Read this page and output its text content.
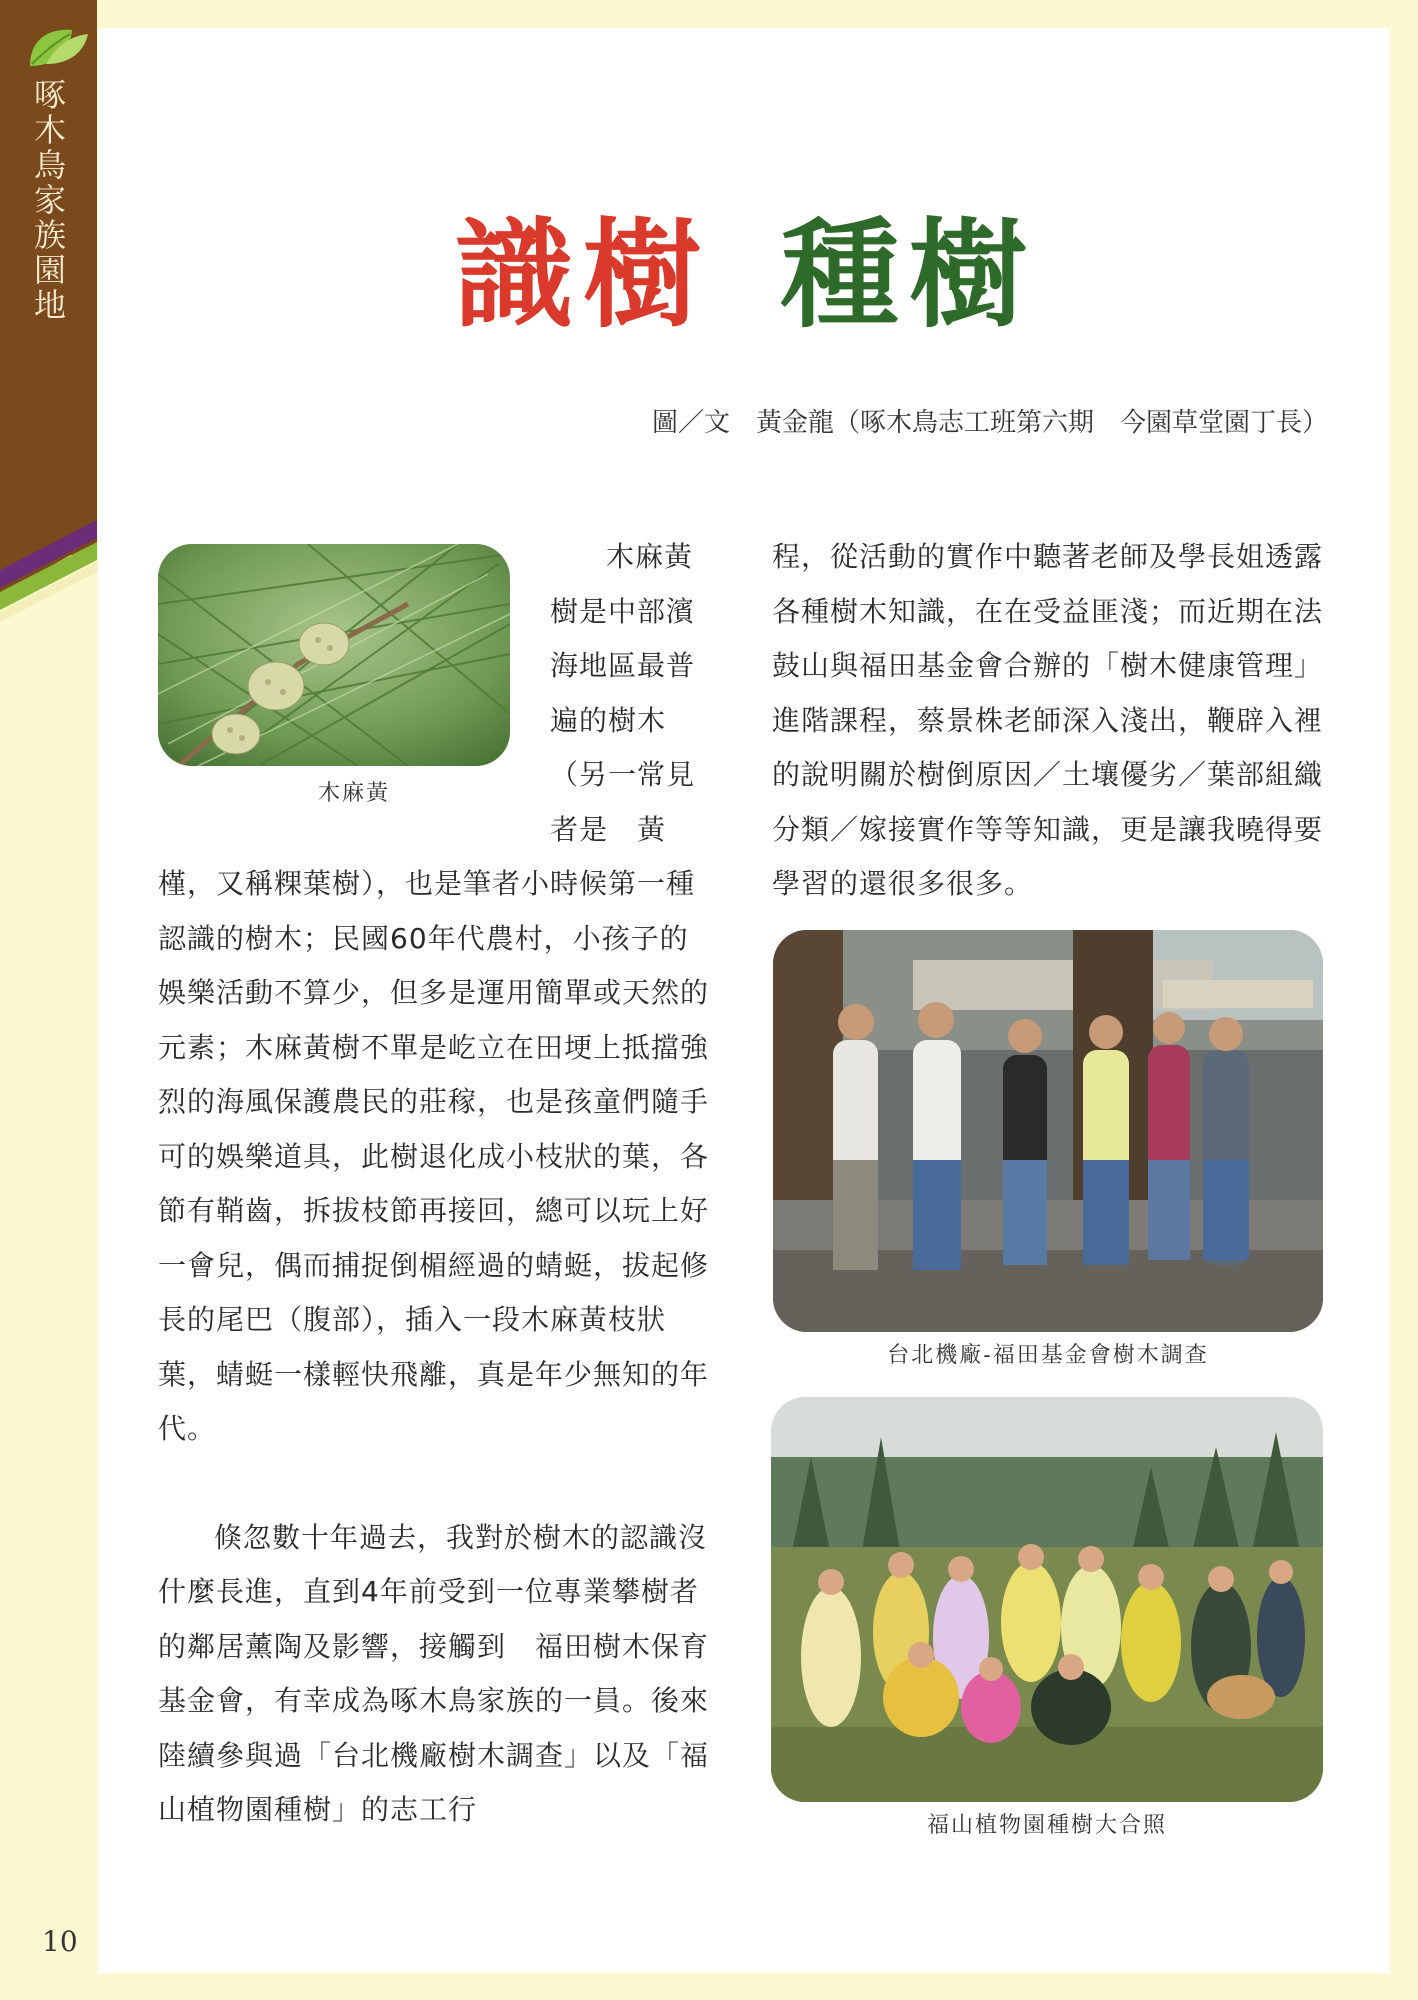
啄木鳥家族園地	識樹 種樹
圖／文　黃金龍（啄木鳥志工班第六期　今園草堂園丁長）
木麻黃

木麻黃樹是中部濱海地區最普遍的樹木（另一常見者是　黃槿，又稱粿葉樹），也是筆者小時候第一種認識的樹木；民國60年代農村，小孩子的娛樂活動不算少，但多是運用簡單或天然的元素；木麻黃樹不單是屹立在田埂上抵擋強烈的海風保護農民的莊稼，也是孩童們隨手可的娛樂道具，此樹退化成小枝狀的葉，各節有鞘齒，拆拔枝節再接回，總可以玩上好一會兒，偶而捕捉倒楣經過的蜻蜓，拔起修長的尾巴（腹部），插入一段木麻黃枝狀葉，蜻蜓一樣輕快飛離，真是年少無知的年代。

倏忽數十年過去，我對於樹木的認識沒什麼長進，直到4年前受到一位專業攀樹者的鄰居薰陶及影響，接觸到　福田樹木保育基金會，有幸成為啄木鳥家族的一員。後來陸續參與過「台北機廠樹木調查」以及「福山植物園種樹」的志工行

程，從活動的實作中聽著老師及學長姐透露各種樹木知識，在在受益匪淺；而近期在法鼓山與福田基金會合辦的「樹木健康管理」進階課程，蔡景株老師深入淺出，鞭辟入裡的說明關於樹倒原因／土壤優劣／葉部組織分類／嫁接實作等等知識，更是讓我曉得要學習的還很多很多。

台北機廠-福田基金會樹木調查
福山植物園種樹大合照
10
